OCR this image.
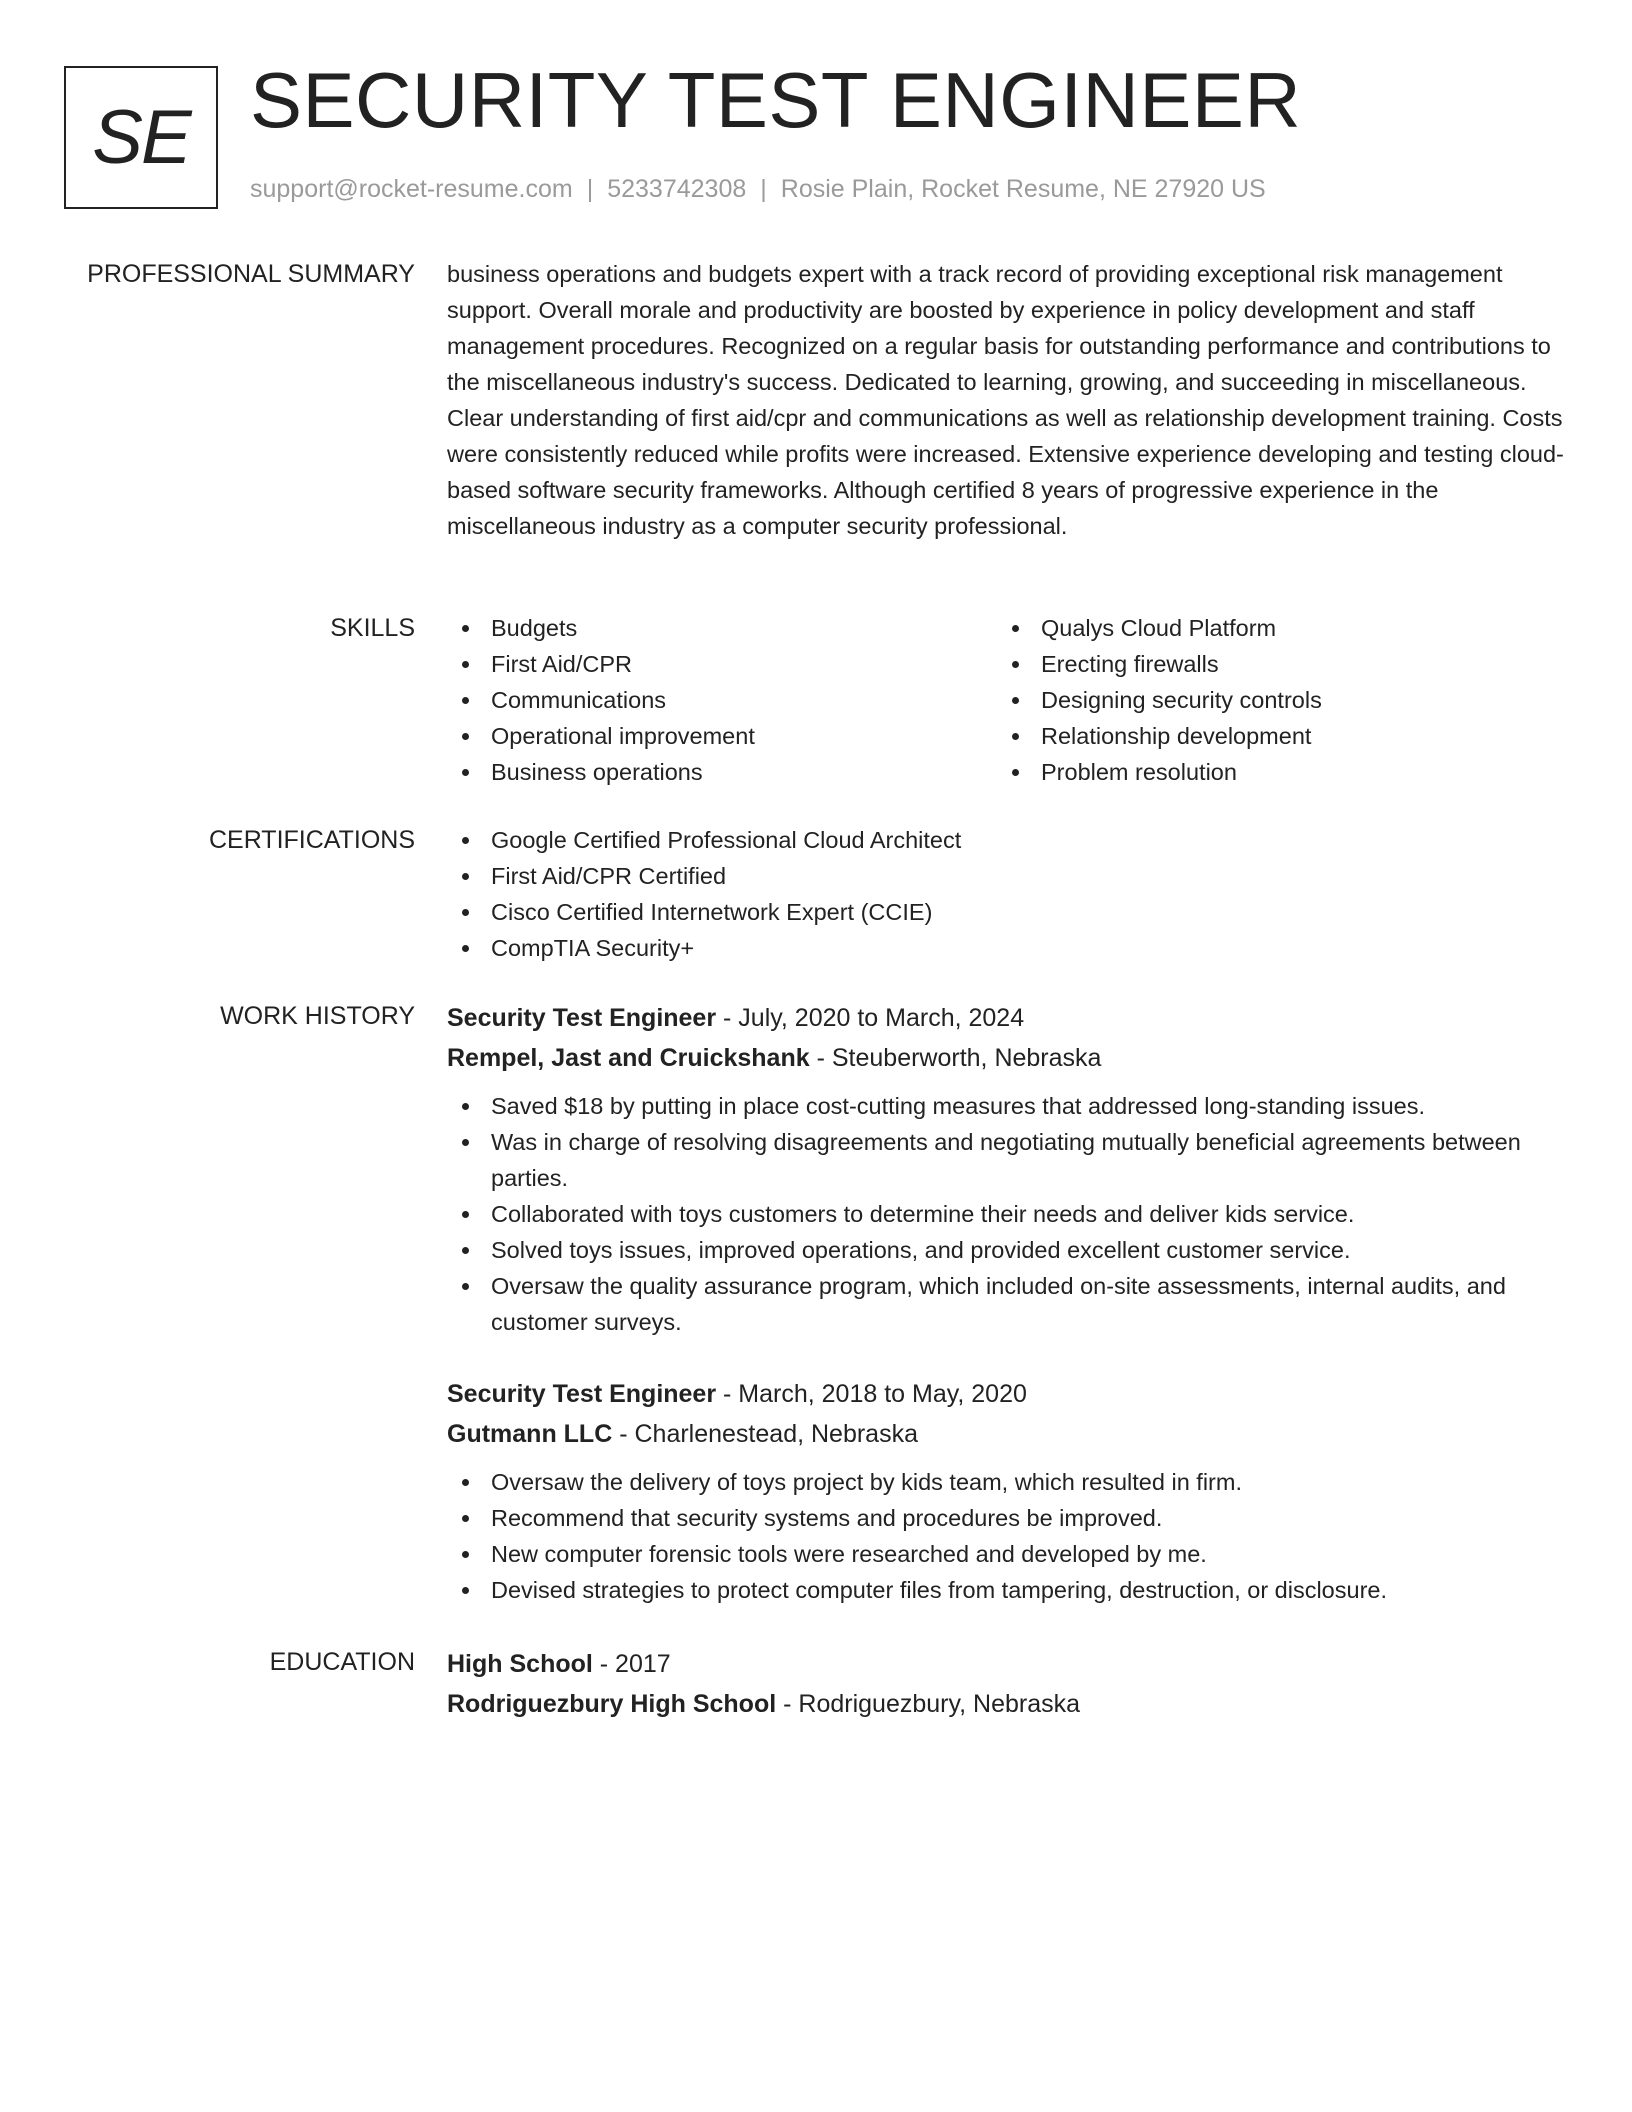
SE SECURITY TEST ENGINEER
support@rocket-resume.com | 5233742308 | Rosie Plain, Rocket Resume, NE 27920 US
PROFESSIONAL SUMMARY business operations and budgets expert with a track record of providing exceptional risk management support. Overall morale and productivity are boosted by experience in policy development and staff management procedures. Recognized on a regular basis for outstanding performance and contributions to the miscellaneous industry's success. Dedicated to learning, growing, and succeeding in miscellaneous. Clear understanding of first aid/cpr and communications as well as relationship development training. Costs were consistently reduced while profits were increased. Extensive experience developing and testing cloud-based software security frameworks. Although certified 8 years of progressive experience in the miscellaneous industry as a computer security professional.

SKILLS	Budgets
First Aid/CPR
Communications
Operational improvement
Business operations
Qualys Cloud Platform
Erecting firewalls
Designing security controls
Relationship development
Problem resolution
CERTIFICATIONS	Google Certified Professional Cloud Architect
First Aid/CPR Certified
Cisco Certified Internetwork Expert (CCIE)
CompTIA Security+
WORK HISTORY Security Test Engineer - July, 2020 to March, 2024
Rempel, Jast and Cruickshank - Steuberworth, Nebraska
Saved $18 by putting in place cost-cutting measures that addressed long-standing issues.
Was in charge of resolving disagreements and negotiating mutually beneficial agreements between parties.
Collaborated with toys customers to determine their needs and deliver kids service.
Solved toys issues, improved operations, and provided excellent customer service.
Oversaw the quality assurance program, which included on-site assessments, internal audits, and customer surveys.
Security Test Engineer - March, 2018 to May, 2020
Gutmann LLC - Charlenestead, Nebraska
Oversaw the delivery of toys project by kids team, which resulted in firm.
Recommend that security systems and procedures be improved.
New computer forensic tools were researched and developed by me.
Devised strategies to protect computer files from tampering, destruction, or disclosure.
EDUCATION High School - 2017
Rodriguezbury High School - Rodriguezbury, Nebraska
